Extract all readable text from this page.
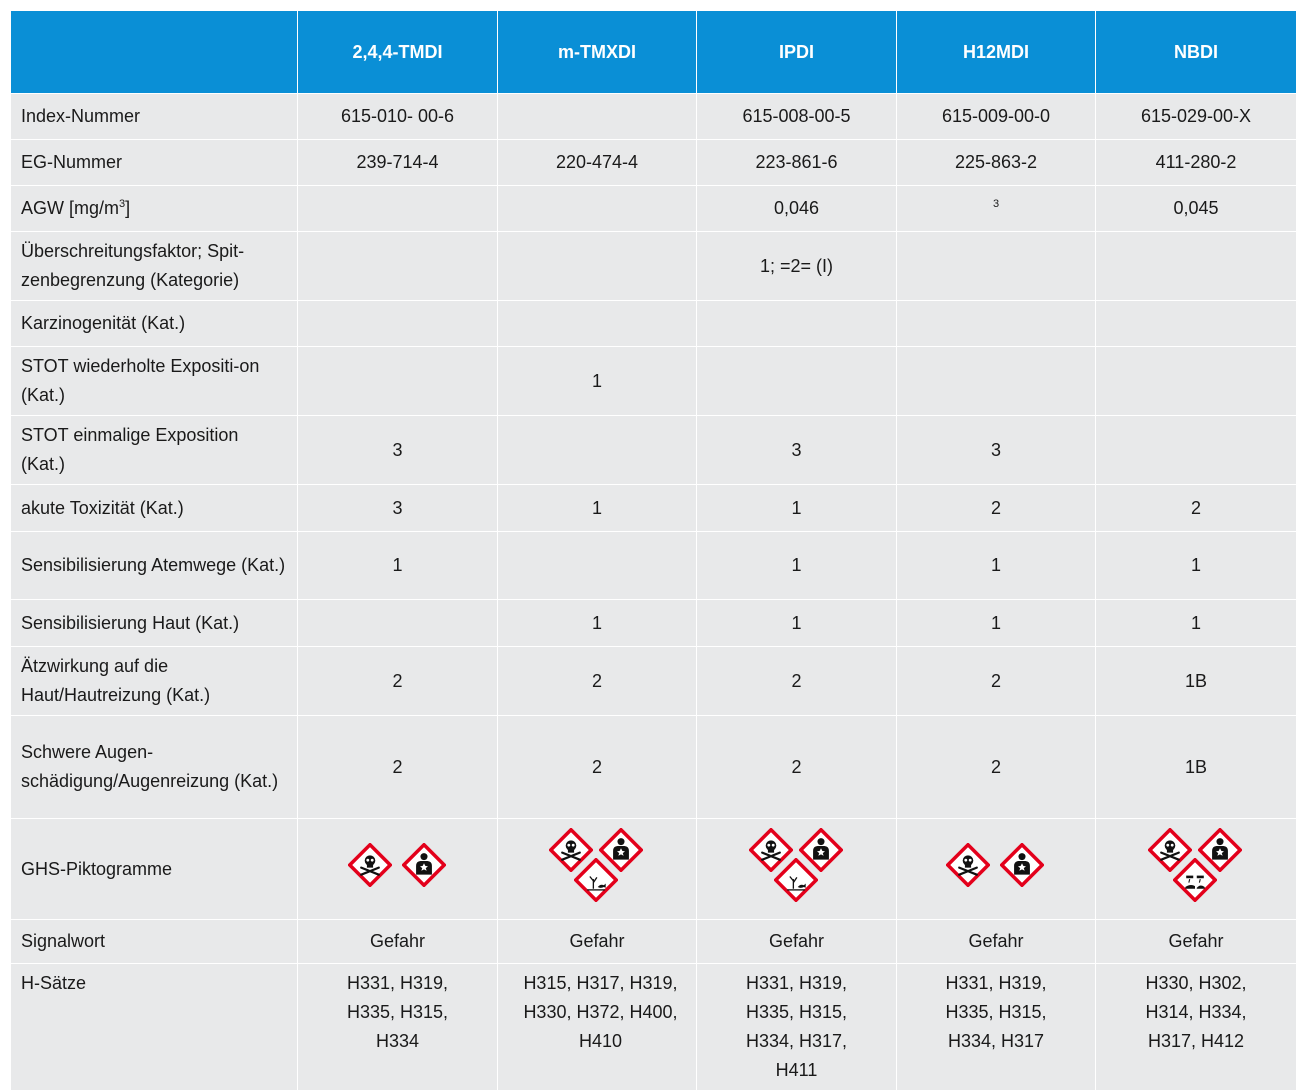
	2,4,4-TMDI	m-TMXDI	IPDI	H12MDI	NBDI
Index-Nummer	615-010- 00-6		615-008-00-5	615-009-00-0	615-029-00-X
EG-Nummer	239-714-4	220-474-4	223-861-6	225-863-2	411-280-2
AGW $[mg/m^3]$			0,046	$^3$	0,045
Überschreitungsfaktor; Spit-zenbegrenzung (Kategorie)			1; =2= (I)		
Karzinogenität (Kat.)					
STOT wiederholte Expositi-on (Kat.)		1			
STOT einmalige Exposition (Kat.)	3		3	3	
akute Toxizität (Kat.)	3	1	1	2	2
Sensibilisierung Atemwege (Kat.)	1		1	1	1
Sensibilisierung Haut (Kat.)		1	1	1	1
Ätzwirkung auf die Haut/Hautreizung (Kat.)	2	2	2	2	1B
Schwere Augen-schädigung/Augenreizung (Kat.)	2	2	2	2	1B
GHS-Piktogramme	

Signalwort	Gefahr	Gefahr	Gefahr	Gefahr	Gefahr
H-Sätze	H331, H319, H335, H315, H334	H315, H317, H319, H330, H372, H400, H410	H331, H319, H335, H315, H334, H317, H411	H331, H319, H335, H315, H334, H317	H330, H302, H314, H334, H317, H412
